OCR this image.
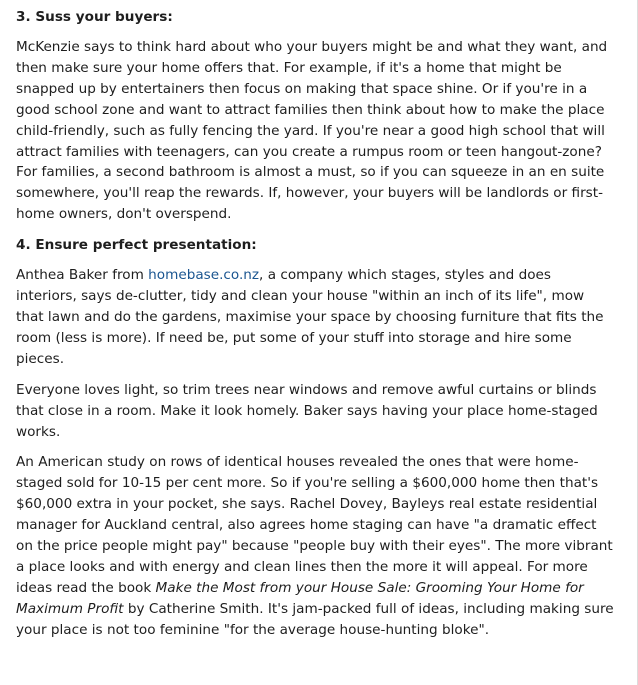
3. Suss your buyers:

McKenzie says to think hard about who your buyers might be and what they want, and then make sure your home offers that. For example, if it's a home that might be snapped up by entertainers then focus on making that space shine. Or if you're in a good school zone and want to attract families then think about how to make the place child-friendly, such as fully fencing the yard. If you're near a good high school that will attract families with teenagers, can you create a rumpus room or teen hangout-zone? For families, a second bathroom is almost a must, so if you can squeeze in an en suite somewhere, you'll reap the rewards. If, however, your buyers will be landlords or first-home owners, don't overspend.

4. Ensure perfect presentation:

Anthea Baker from homebase.co.nz, a company which stages, styles and does interiors, says de-clutter, tidy and clean your house "within an inch of its life", mow that lawn and do the gardens, maximise your space by choosing furniture that fits the room (less is more). If need be, put some of your stuff into storage and hire some pieces.

Everyone loves light, so trim trees near windows and remove awful curtains or blinds that close in a room. Make it look homely. Baker says having your place home-staged works.

An American study on rows of identical houses revealed the ones that were home-staged sold for 10-15 per cent more. So if you're selling a $600,000 home then that's $60,000 extra in your pocket, she says. Rachel Dovey, Bayleys real estate residential manager for Auckland central, also agrees home staging can have "a dramatic effect on the price people might pay" because "people buy with their eyes". The more vibrant a place looks and with energy and clean lines then the more it will appeal. For more ideas read the book Make the Most from your House Sale: Grooming Your Home for Maximum Profit by Catherine Smith. It's jam-packed full of ideas, including making sure your place is not too feminine "for the average house-hunting bloke".
